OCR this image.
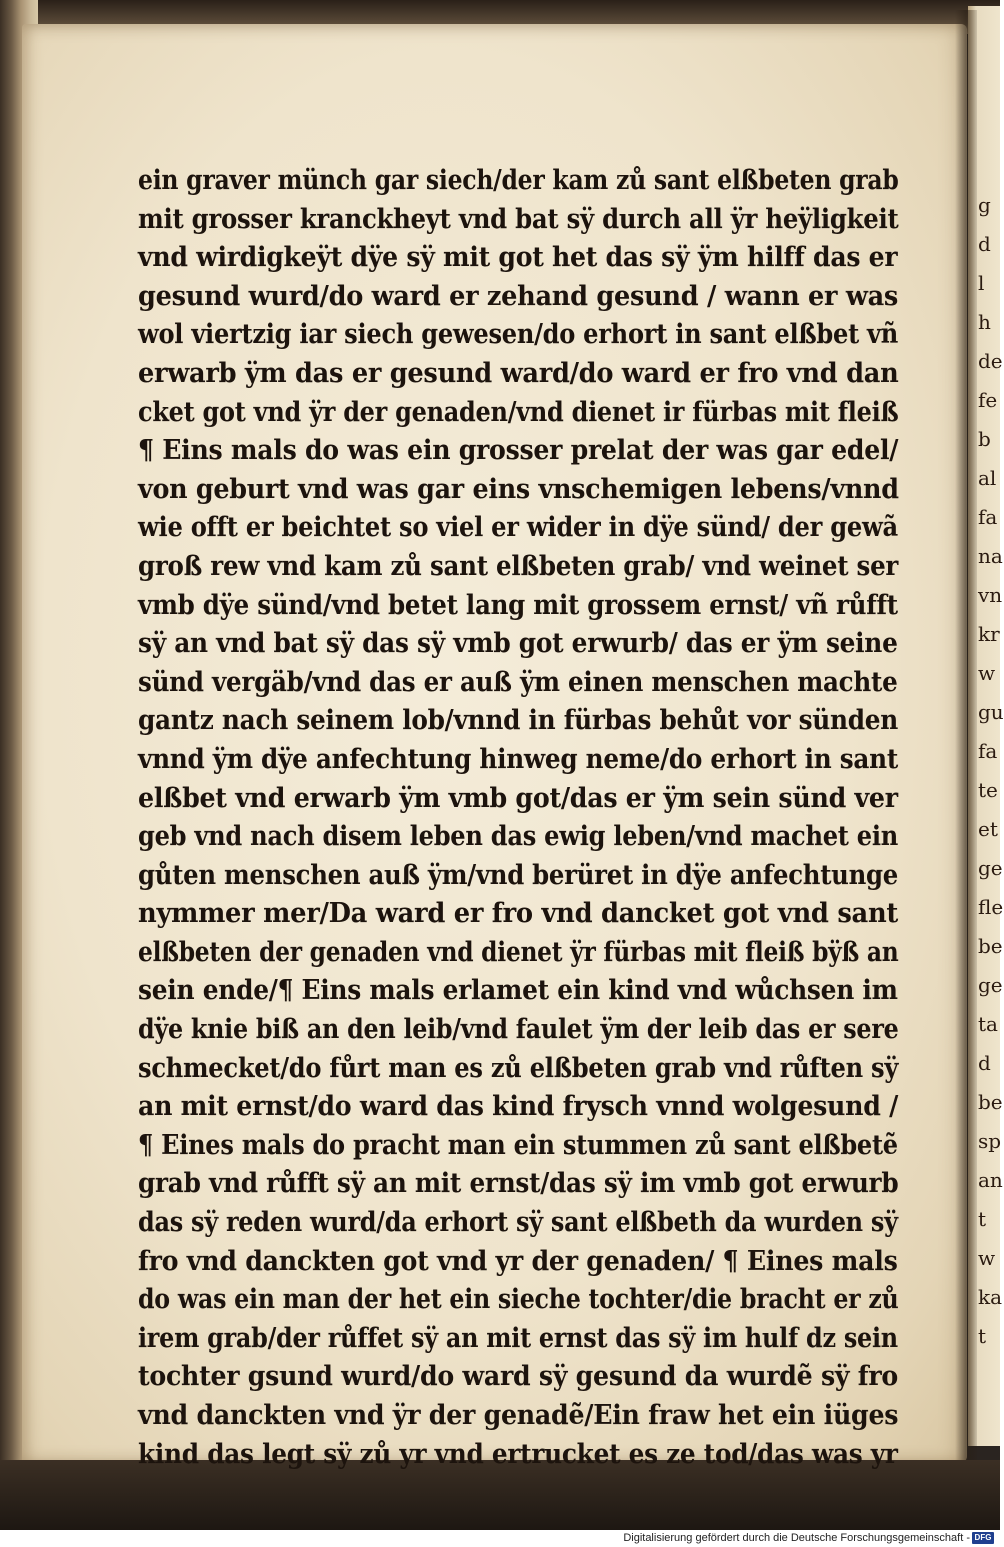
g
d
l
h
de
fe
b
al
fa
na
vn
kr
w
gu
fa
te
et
ge
fle
be
ge
ta
d
be
sp
an
t
w
ka
t
ein graver münch gar siech/der kam zů sant elßbeten grab
mit grosser kranckheyt vnd bat sÿ durch all ÿr heÿligkeit
vnd wirdigkeÿt dÿe sÿ mit got het das sÿ ÿm hilff das er
gesund wurd/do ward er zehand gesund / wann er was
wol viertzig iar siech gewesen/do erhort in sant elßbet vñ
erwarb ÿm das er gesund ward/do ward er fro vnd dan
cket got vnd ÿr der genaden/vnd dienet ir fürbas mit fleiß
¶ Eins mals do was ein grosser prelat der was gar edel/
von geburt vnd was gar eins vnschemigen lebens/vnnd
wie offt er beichtet so viel er wider in dÿe sünd/ der gewã
groß rew vnd kam zů sant elßbeten grab/ vnd weinet ser
vmb dÿe sünd/vnd betet lang mit grossem ernst/ vñ růfft
sÿ an vnd bat sÿ das sÿ vmb got erwurb/ das er ÿm seine
sünd vergäb/vnd das er auß ÿm einen menschen machte
gantz nach seinem lob/vnnd in fürbas behůt vor sünden
vnnd ÿm dÿe anfechtung hinweg neme/do erhort in sant
elßbet vnd erwarb ÿm vmb got/das er ÿm sein sünd ver
geb vnd nach disem leben das ewig leben/vnd machet ein
gůten menschen auß ÿm/vnd berüret in dÿe anfechtunge
nymmer mer/Da ward er fro vnd dancket got vnd sant
elßbeten der genaden vnd dienet ÿr fürbas mit fleiß bÿß an
sein ende/¶ Eins mals erlamet ein kind vnd wůchsen im
dÿe knie biß an den leib/vnd faulet ÿm der leib das er sere
schmecket/do fůrt man es zů elßbeten grab vnd růften sÿ
an mit ernst/do ward das kind frysch vnnd wolgesund /
¶ Eines mals do pracht man ein stummen zů sant elßbetẽ
grab vnd růfft sÿ an mit ernst/das sÿ im vmb got erwurb
das sÿ reden wurd/da erhort sÿ sant elßbeth da wurden sÿ
fro vnd danckten got vnd yr der genaden/ ¶ Eines mals
do was ein man der het ein sieche tochter/die bracht er zů
irem grab/der růffet sÿ an mit ernst das sÿ im hulf dz sein
tochter gsund wurd/do ward sÿ gesund da wurdẽ sÿ fro
vnd danckten vnd ÿr der genadẽ/Ein fraw het ein iüges
kind das legt sÿ zů yr vnd ertrucket es ze tod/das was yr
Digitalisierung gefördert durch die Deutsche Forschungsgemeinschaft - DFG
